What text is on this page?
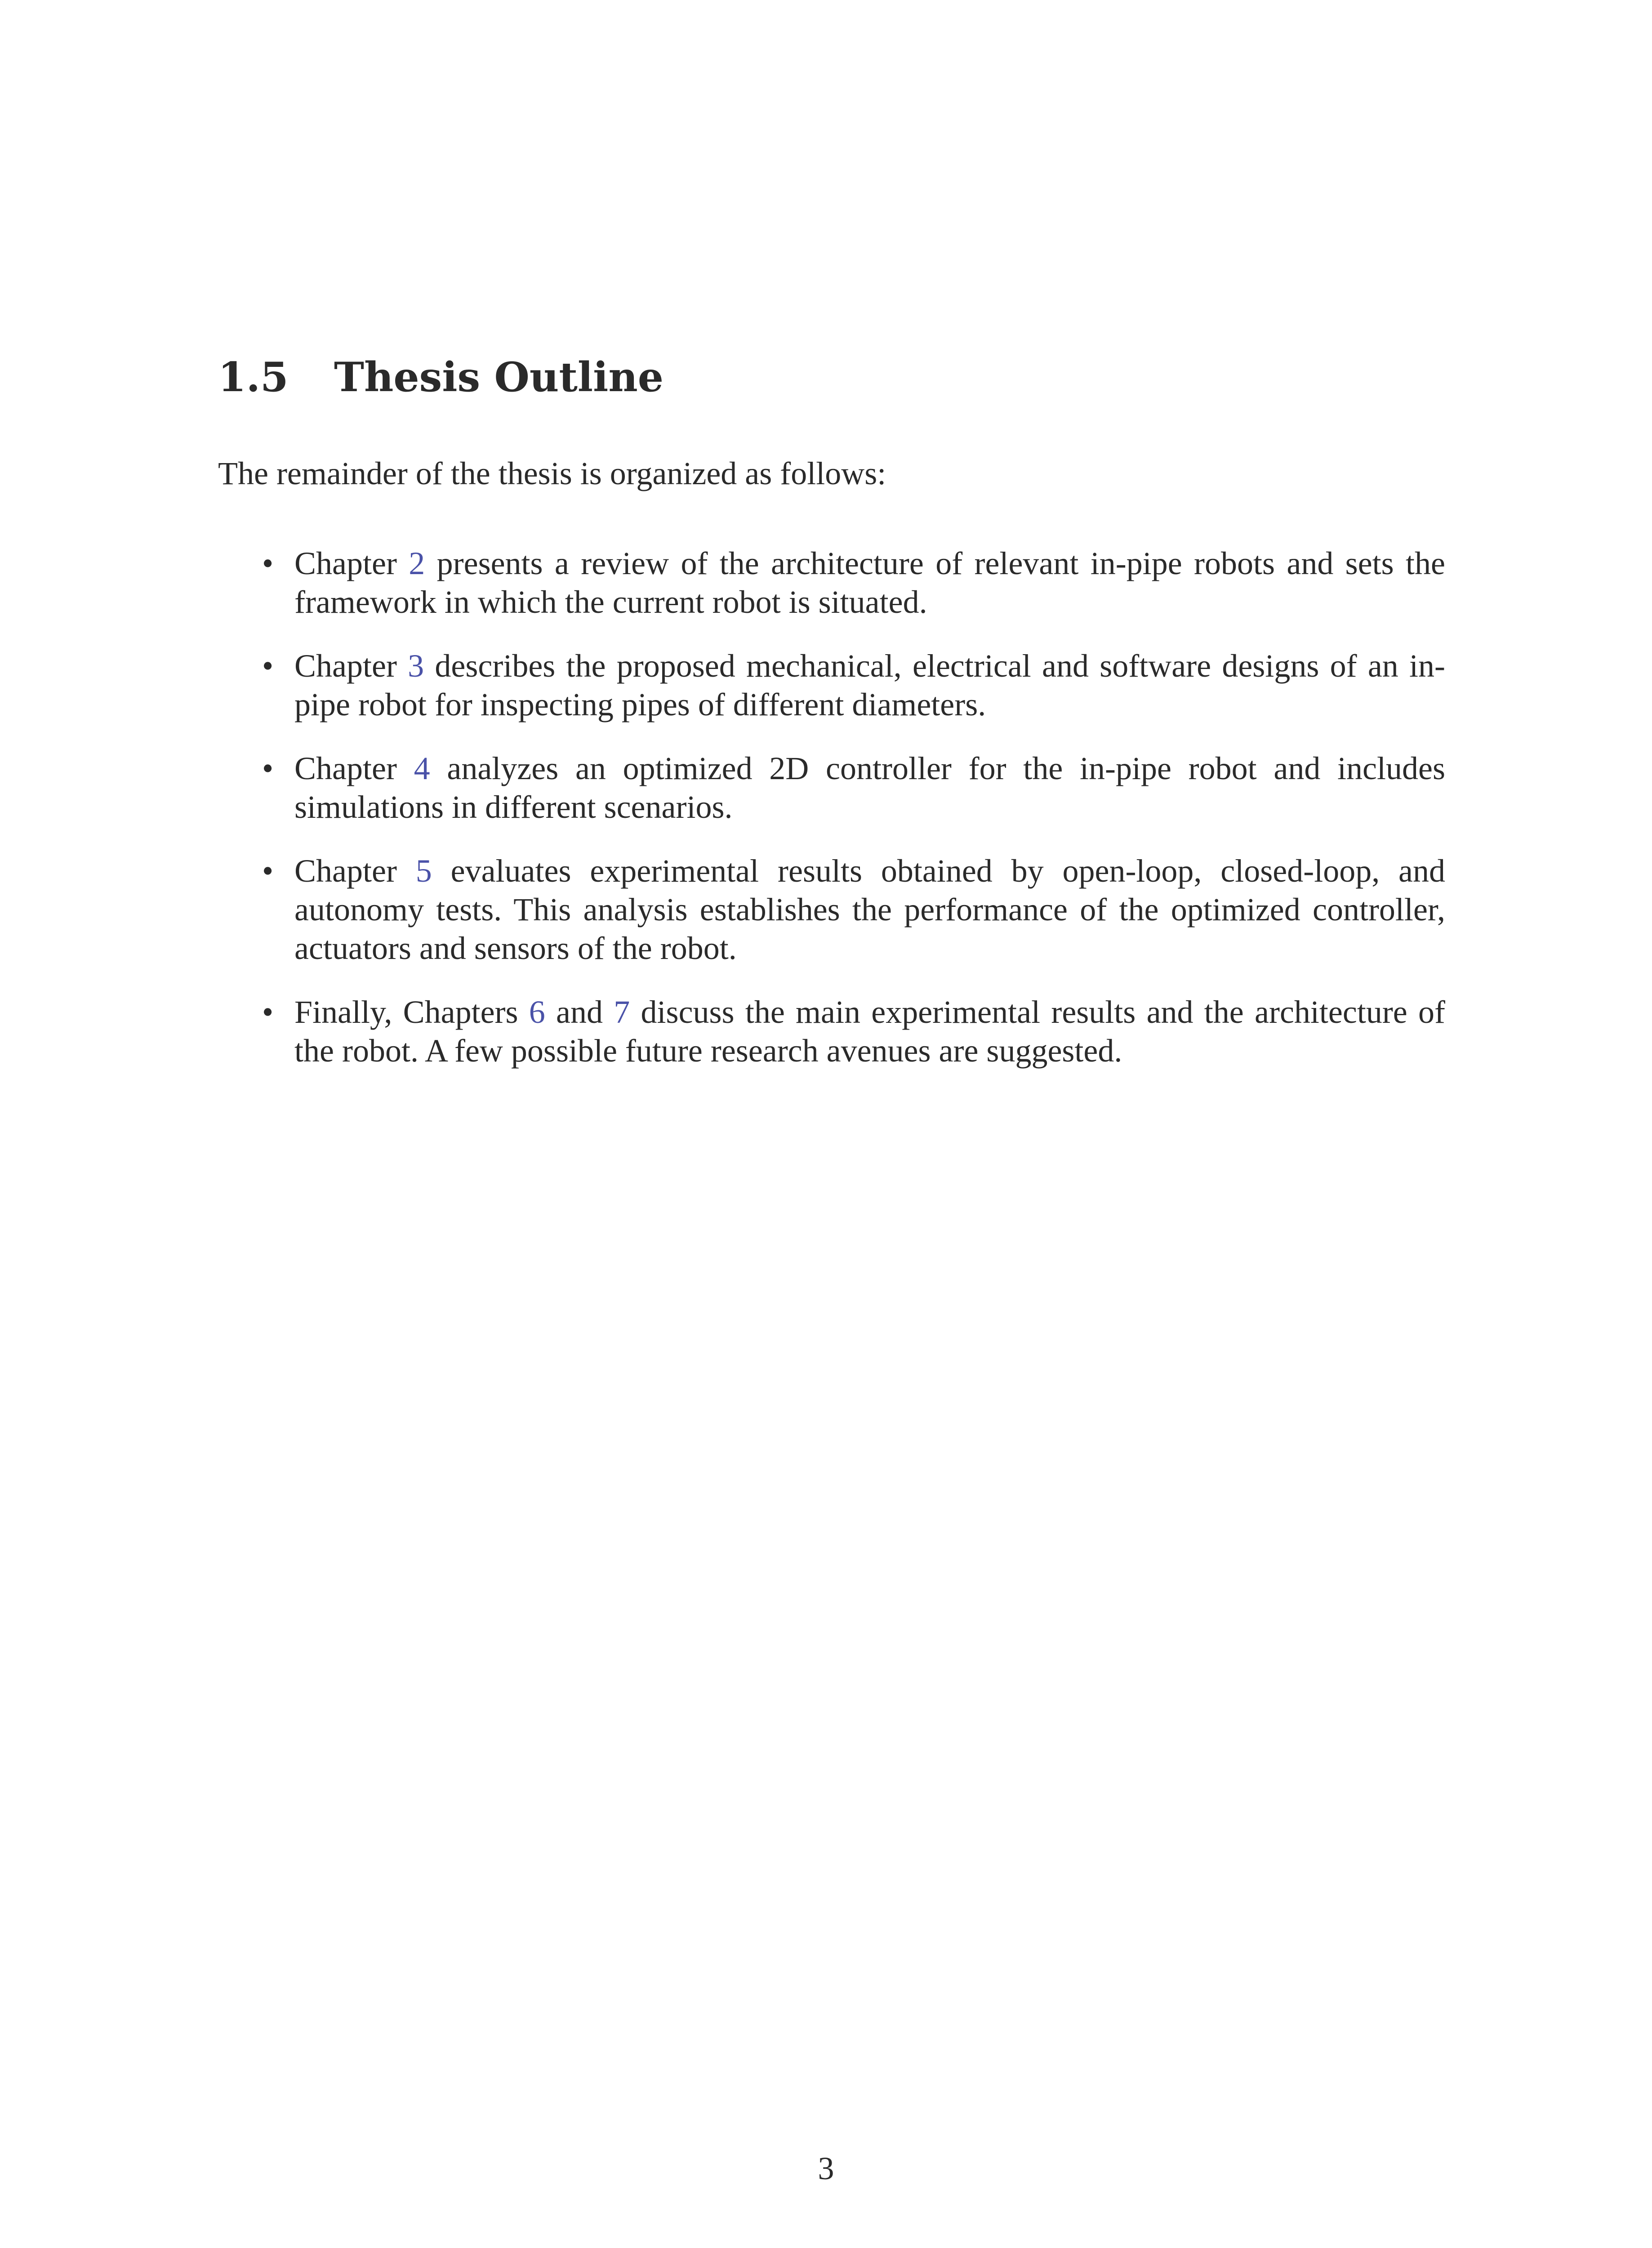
1.5 Thesis Outline

The remainder of the thesis is organized as follows:

• Chapter 2 presents a review of the architecture of relevant in-pipe robots and sets the framework in which the current robot is situated.
• Chapter 3 describes the proposed mechanical, electrical and software designs of an in-pipe robot for inspecting pipes of different diameters.
• Chapter 4 analyzes an optimized 2D controller for the in-pipe robot and includes simulations in different scenarios.
• Chapter 5 evaluates experimental results obtained by open-loop, closed-loop, and autonomy tests. This analysis establishes the performance of the optimized controller, actuators and sensors of the robot.
• Finally, Chapters 6 and 7 discuss the main experimental results and the architecture of the robot. A few possible future research avenues are suggested.
3
